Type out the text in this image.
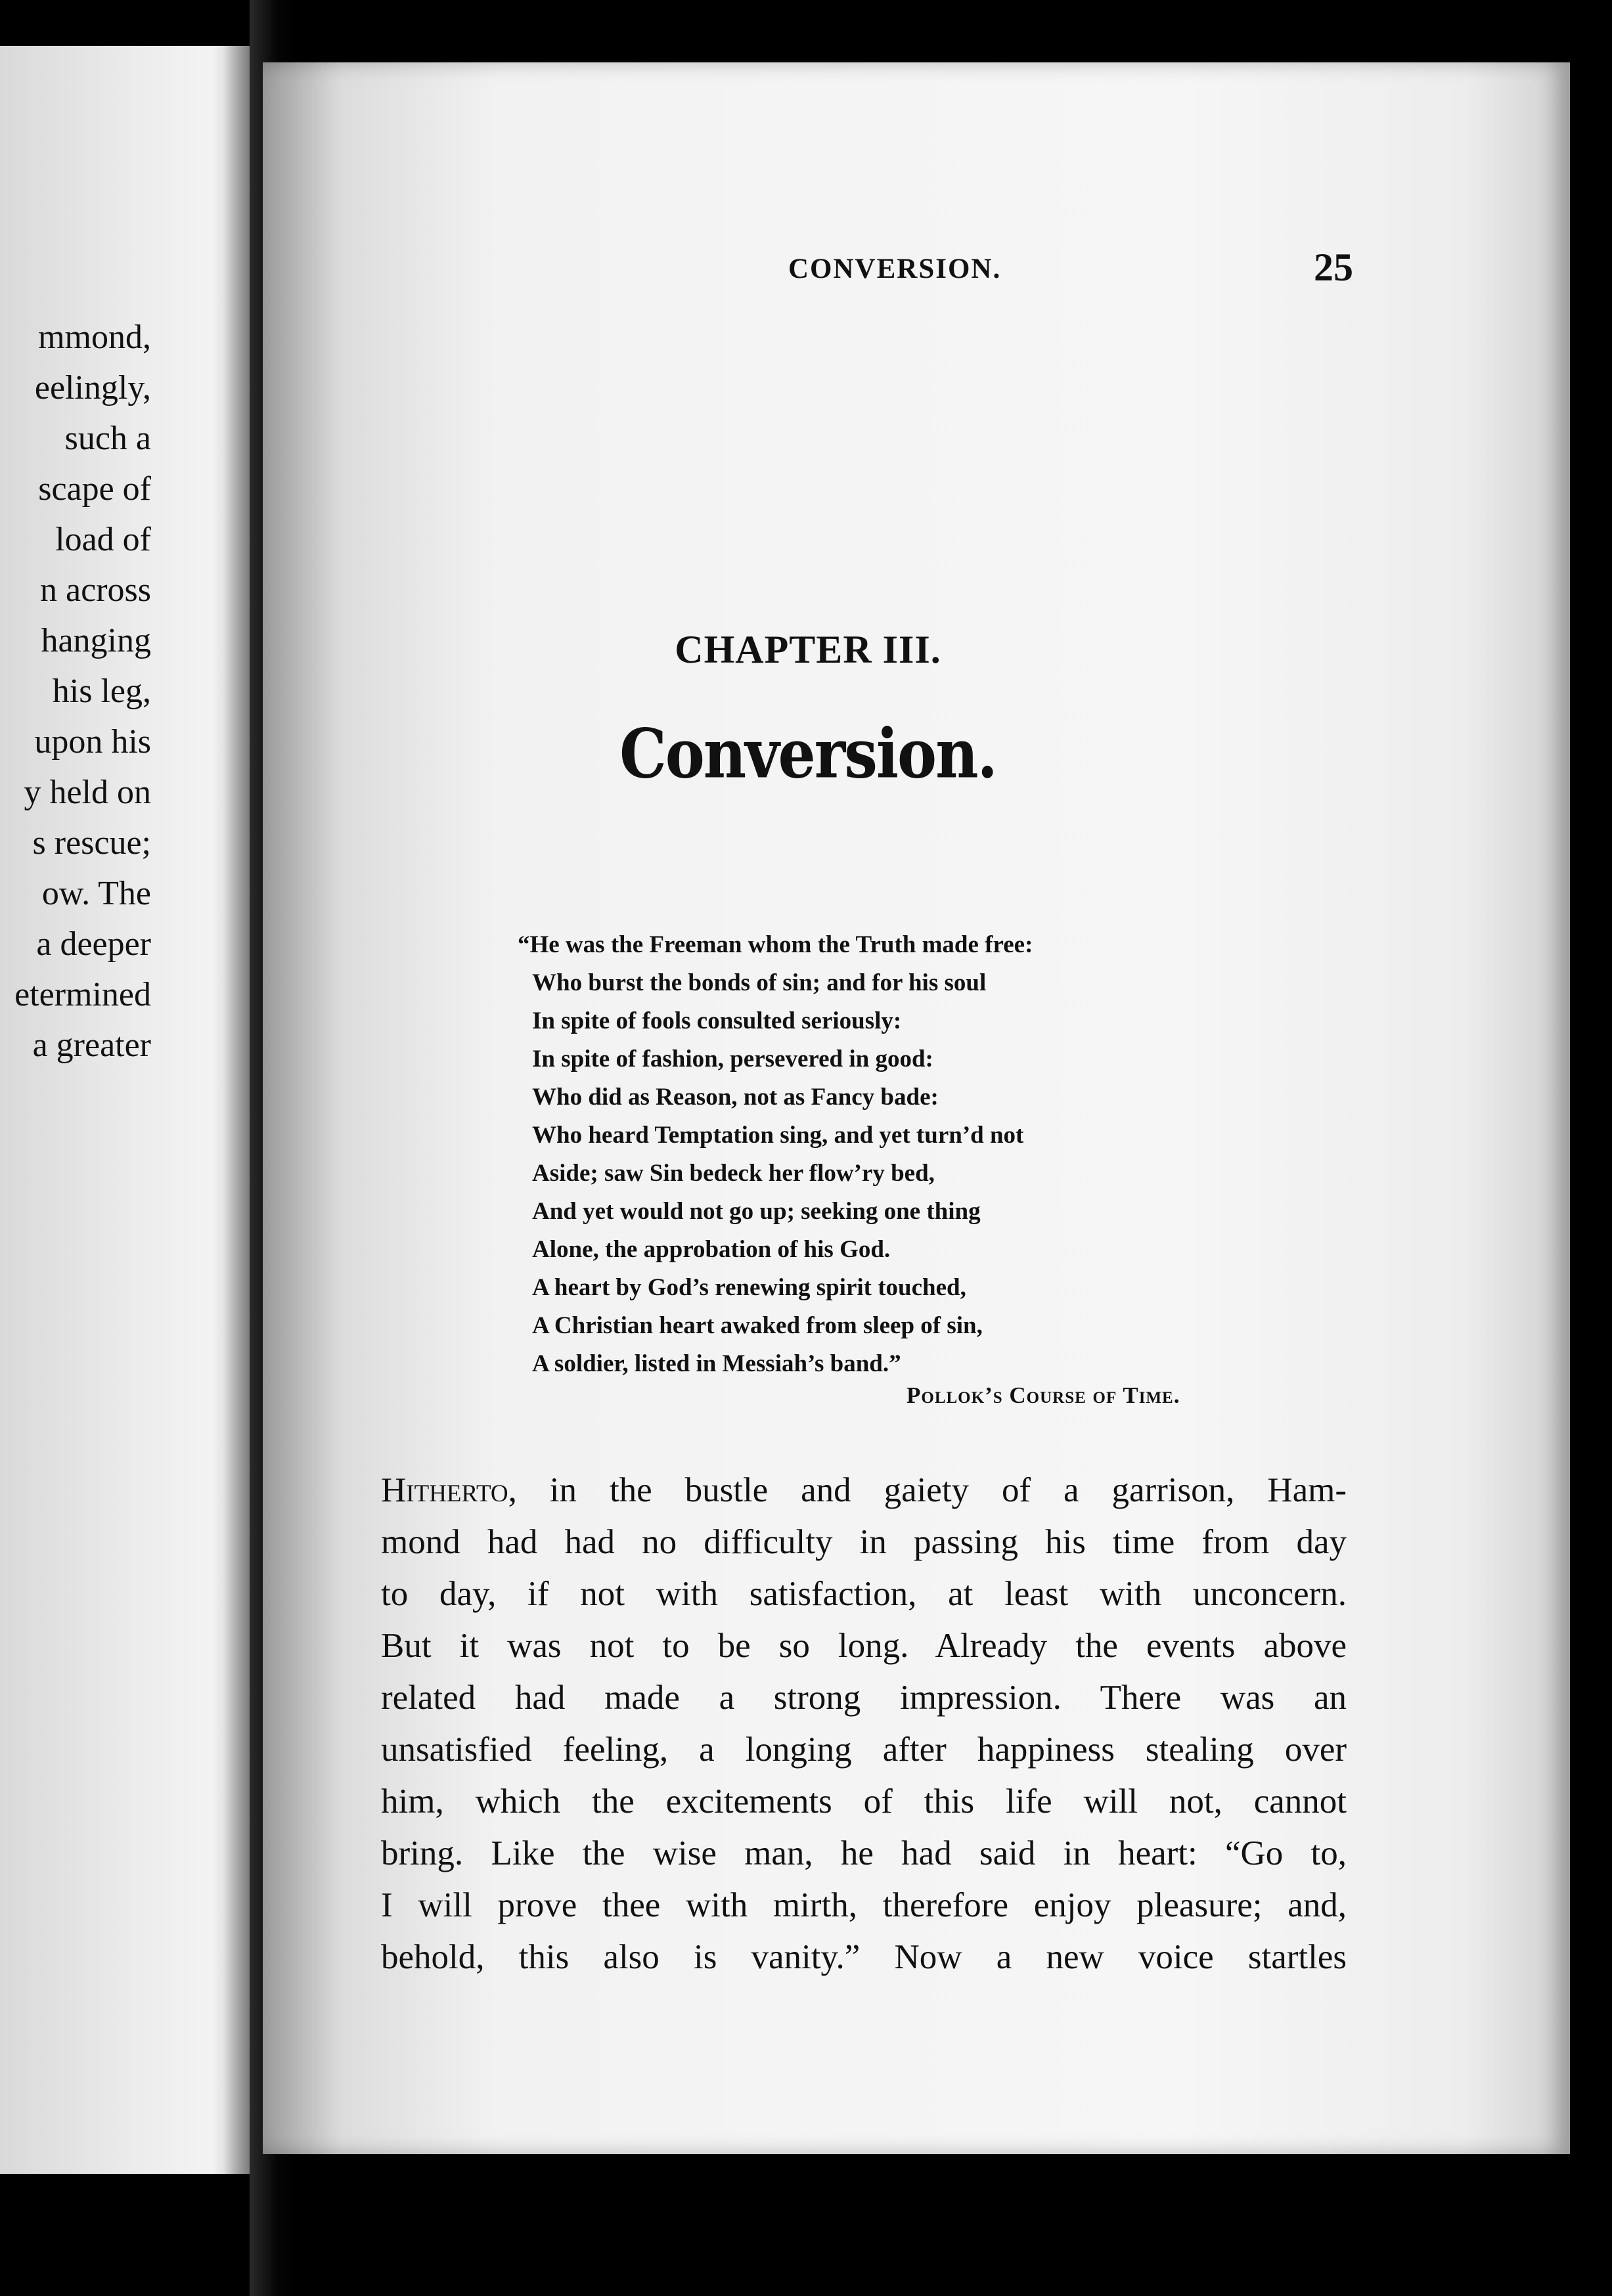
mmond,
eelingly,
such a
scape of
load of
n across
hanging
his leg,
upon his
y held on
s rescue;
ow. The
a deeper
etermined
a greater
CONVERSION.	25
CHAPTER III.
Conversion.
“He was the Freeman whom the Truth made free:
Who burst the bonds of sin; and for his soul
In spite of fools consulted seriously:
In spite of fashion, persevered in good:
Who did as Reason, not as Fancy bade:
Who heard Temptation sing, and yet turn’d not
Aside; saw Sin bedeck her flow’ry bed,
And yet would not go up; seeking one thing
Alone, the approbation of his God.
A heart by God’s renewing spirit touched,
A Christian heart awaked from sleep of sin,
A soldier, listed in Messiah’s band.”
Pollok’s Course of Time.
Hitherto, in the bustle and gaiety of a garrison, Ham-
mond had had no difficulty in passing his time from day
to day, if not with satisfaction, at least with unconcern.
But it was not to be so long. Already the events above
related had made a strong impression. There was an
unsatisfied feeling, a longing after happiness stealing over
him, which the excitements of this life will not, cannot
bring. Like the wise man, he had said in heart: “Go to,
I will prove thee with mirth, therefore enjoy pleasure; and,
behold, this also is vanity.” Now a new voice startles
